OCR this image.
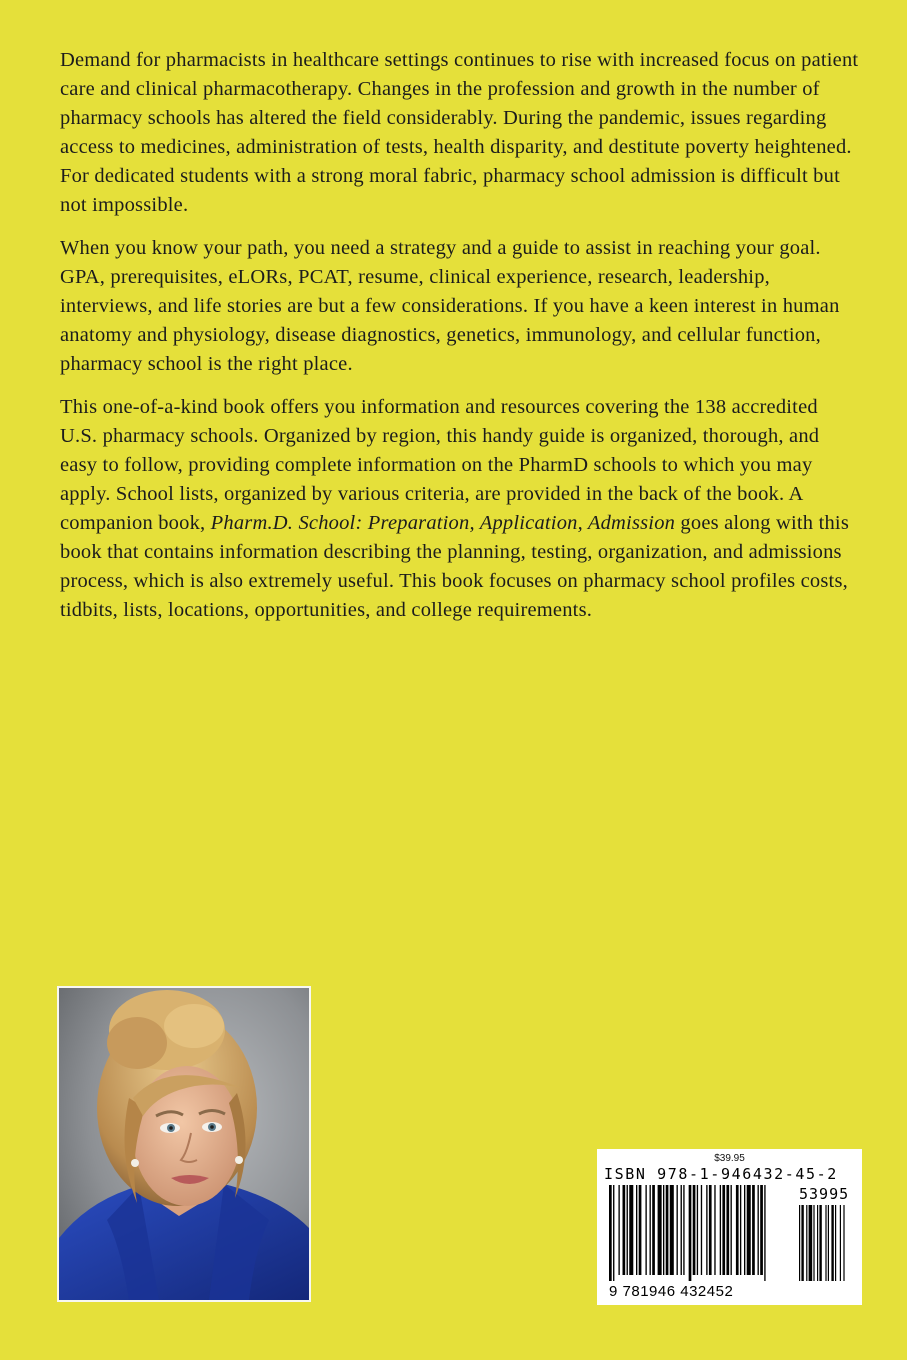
Demand for pharmacists in healthcare settings continues to rise with increased focus on patient care and clinical pharmacotherapy. Changes in the profession and growth in the number of pharmacy schools has altered the field considerably. During the pandemic, issues regarding access to medicines, administration of tests, health disparity, and destitute poverty heightened. For dedicated students with a strong moral fabric, pharmacy school admission is difficult but not impossible.

When you know your path, you need a strategy and a guide to assist in reaching your goal. GPA, prerequisites, eLORs, PCAT, resume, clinical experience, research, leadership, interviews, and life stories are but a few considerations. If you have a keen interest in human anatomy and physiology, disease diagnostics, genetics, immunology, and cellular function, pharmacy school is the right place.

This one-of-a-kind book offers you information and resources covering the 138 accredited U.S. pharmacy schools. Organized by region, this handy guide is organized, thorough, and easy to follow, providing complete information on the PharmD schools to which you may apply. School lists, organized by various criteria, are provided in the back of the book. A companion book, Pharm.D. School: Preparation, Application, Admission goes along with this book that contains information describing the planning, testing, organization, and admissions process, which is also extremely useful. This book focuses on pharmacy school profiles costs, tidbits, lists, locations, opportunities, and college requirements.

$39.95
ISBN 978-1-946432-45-2
9 781946 432452
53995
